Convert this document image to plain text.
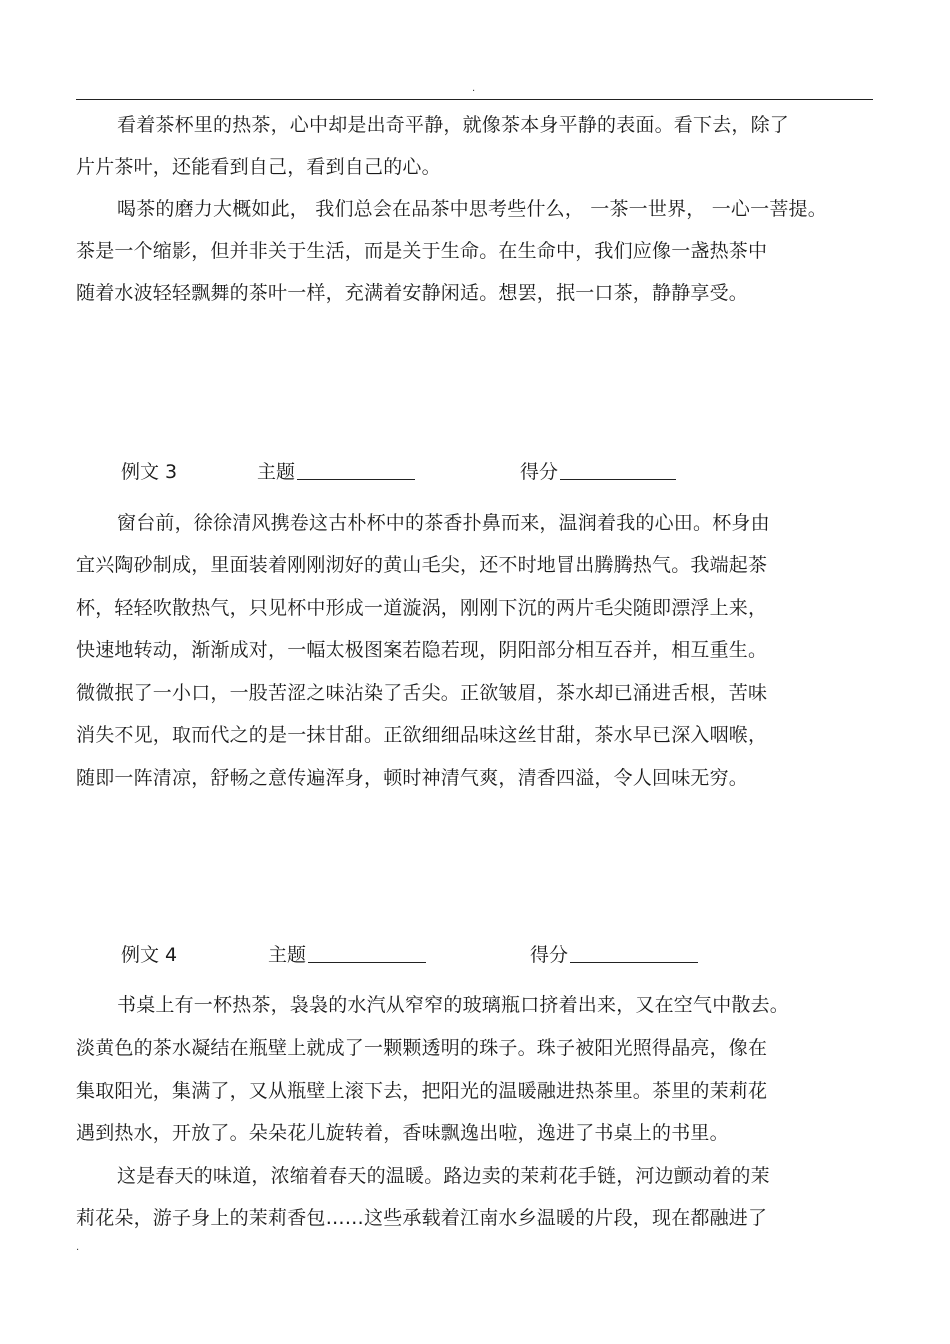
.
看着茶杯里的热茶，心中却是出奇平静，就像茶本身平静的表面。看下去，除了
片片茶叶，还能看到自己，看到自己的心。
喝茶的磨力大概如此， 我们总会在品茶中思考些什么， 一茶一世界， 一心一菩提。
茶是一个缩影，但并非关于生活，而是关于生命。在生命中，我们应像一盏热茶中
随着水波轻轻飘舞的茶叶一样，充满着安静闲适。想罢，抿一口茶，静静享受。
例文 3	主题	得分
窗台前，徐徐清风携卷这古朴杯中的茶香扑鼻而来，温润着我的心田。杯身由
宜兴陶砂制成，里面装着刚刚沏好的黄山毛尖，还不时地冒出腾腾热气。我端起茶
杯，轻轻吹散热气，只见杯中形成一道漩涡，刚刚下沉的两片毛尖随即漂浮上来，
快速地转动，渐渐成对，一幅太极图案若隐若现，阴阳部分相互吞并，相互重生。
微微抿了一小口，一股苦涩之味沾染了舌尖。正欲皱眉，茶水却已涌进舌根，苦味
消失不见，取而代之的是一抹甘甜。正欲细细品味这丝甘甜，茶水早已深入咽喉，
随即一阵清凉，舒畅之意传遍浑身，顿时神清气爽，清香四溢，令人回味无穷。
例文 4	主题	得分
书桌上有一杯热茶，袅袅的水汽从窄窄的玻璃瓶口挤着出来，又在空气中散去。
淡黄色的茶水凝结在瓶壁上就成了一颗颗透明的珠子。珠子被阳光照得晶亮，像在
集取阳光，集满了，又从瓶壁上滚下去，把阳光的温暖融进热茶里。茶里的茉莉花
遇到热水，开放了。朵朵花儿旋转着，香味飘逸出啦，逸进了书桌上的书里。
这是春天的味道，浓缩着春天的温暖。路边卖的茉莉花手链，河边颤动着的茉
莉花朵，游子身上的茉莉香包……这些承载着江南水乡温暖的片段，现在都融进了
.
